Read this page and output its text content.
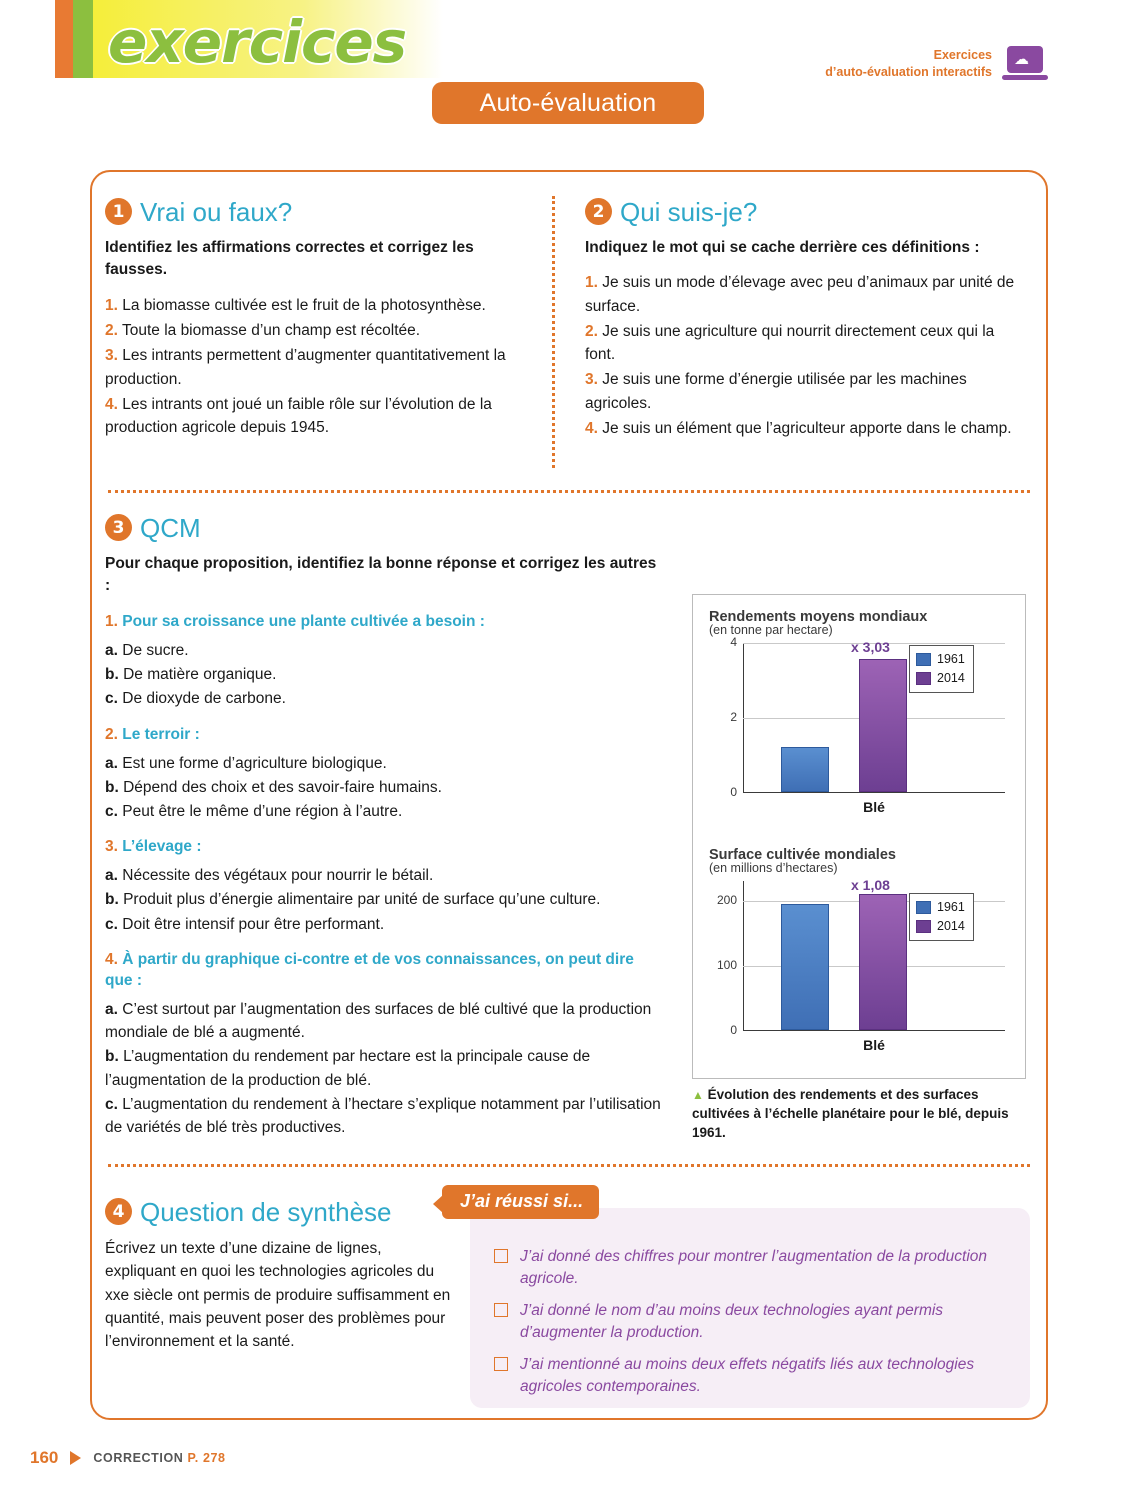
exercices	Exercices
d’auto-évaluation interactifs
☁
Auto-évaluation
1 Vrai ou faux?
Identifiez les affirmations correctes et corrigez les fausses.
1. La biomasse cultivée est le fruit de la photosynthèse.
2. Toute la biomasse d’un champ est récoltée.
3. Les intrants permettent d’augmenter quantitativement la production.
4. Les intrants ont joué un faible rôle sur l’évolution de la production agricole depuis 1945.
2 Qui suis-je?
Indiquez le mot qui se cache derrière ces définitions :
1. Je suis un mode d’élevage avec peu d’animaux par unité de surface.
2. Je suis une agriculture qui nourrit directement ceux qui la font.
3. Je suis une forme d’énergie utilisée par les machines agricoles.
4. Je suis un élément que l’agriculteur apporte dans le champ.
3 QCM
Pour chaque proposition, identifiez la bonne réponse et corrigez les autres :
1. Pour sa croissance une plante cultivée a besoin :
a. De sucre.
b. De matière organique.
c. De dioxyde de carbone.
2. Le terroir :
a. Est une forme d’agriculture biologique.
b. Dépend des choix et des savoir-faire humains.
c. Peut être le même d’une région à l’autre.
3. L’élevage :
a. Nécessite des végétaux pour nourrir le bétail.
b. Produit plus d’énergie alimentaire par unité de surface qu’une culture.
c. Doit être intensif pour être performant.
4. À partir du graphique ci-contre et de vos connaissances, on peut dire que :
a. C’est surtout par l’augmentation des surfaces de blé cultivé que la production mondiale de blé a augmenté.
b. L’augmentation du rendement par hectare est la principale cause de l’augmentation de la production de blé.
c. L’augmentation du rendement à l’hectare s’explique notamment par l’utilisation de variétés de blé très productives.
Rendements moyens mondiaux
(en tonne par hectare)
0
2
4	x 3,03
1961
2014
Blé
Surface cultivée mondiales
(en millions d’hectares)
0
100
200
x 1,08
1961
2014
Blé
▲ Évolution des rendements et des surfaces cultivées à l’échelle planétaire pour le blé, depuis 1961.
4 Question de synthèse
Écrivez un texte d’une dizaine de lignes, expliquant en quoi les technologies agricoles du xxe siècle ont permis de produire suffisamment en quantité, mais peuvent poser des problèmes pour l’environnement et la santé.
J’ai donné des chiffres pour montrer l’augmentation de la production agricole.
J’ai donné le nom d’au moins deux technologies ayant permis d’augmenter la production.
J’ai mentionné au moins deux effets négatifs liés aux technologies agricoles contemporaines.
J’ai réussi si...
160	CORRECTION P. 278
